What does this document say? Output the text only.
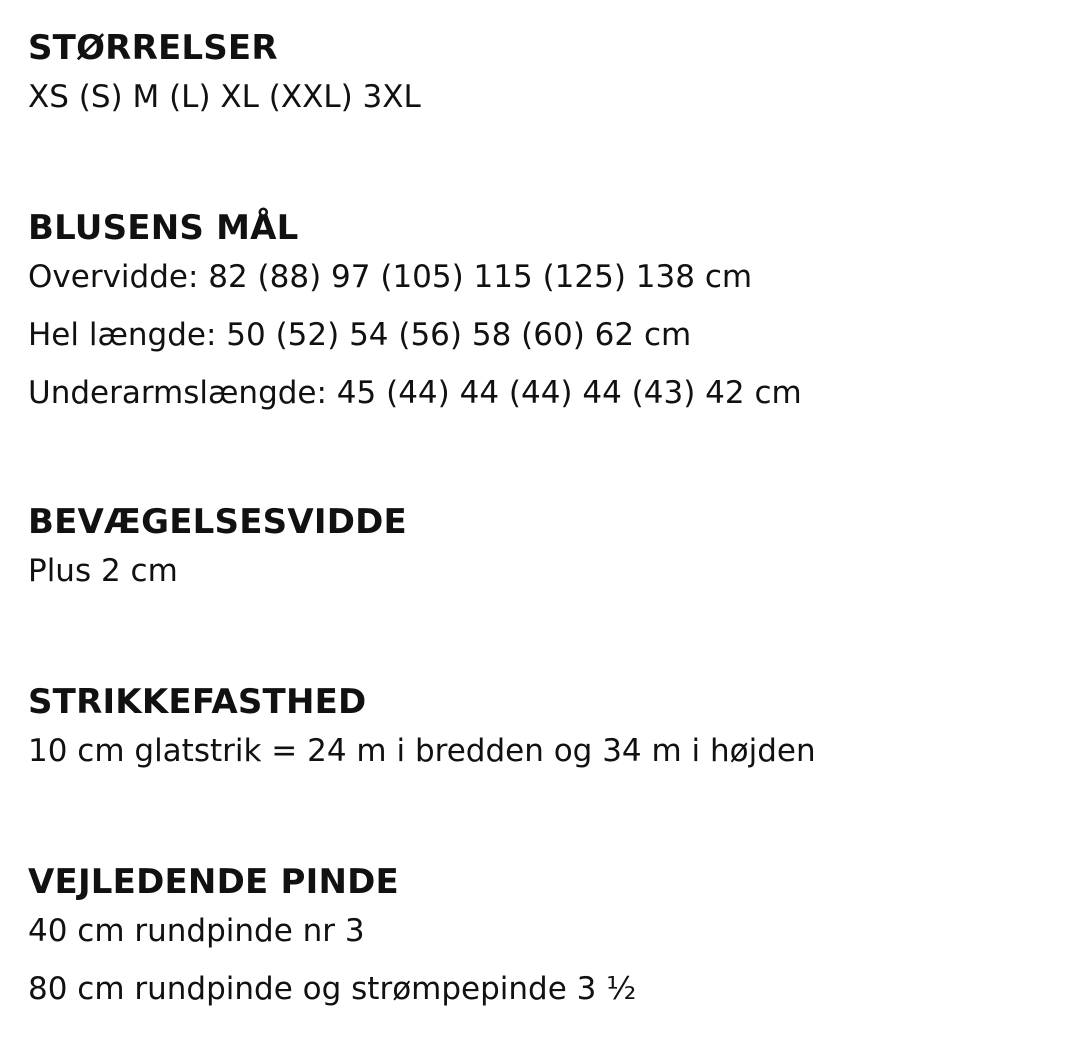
STØRRELSER

XS (S) M (L) XL (XXL) 3XL

BLUSENS MÅL

Overvidde: 82 (88) 97 (105) 115 (125) 138 cm

Hel længde: 50 (52) 54 (56) 58 (60) 62 cm

Underarmslængde: 45 (44) 44 (44) 44 (43) 42 cm

BEVÆGELSESVIDDE

Plus 2 cm

STRIKKEFASTHED

10 cm glatstrik = 24 m i bredden og 34 m i højden

VEJLEDENDE PINDE

40 cm rundpinde nr 3

80 cm rundpinde og strømpepinde 3 ½
